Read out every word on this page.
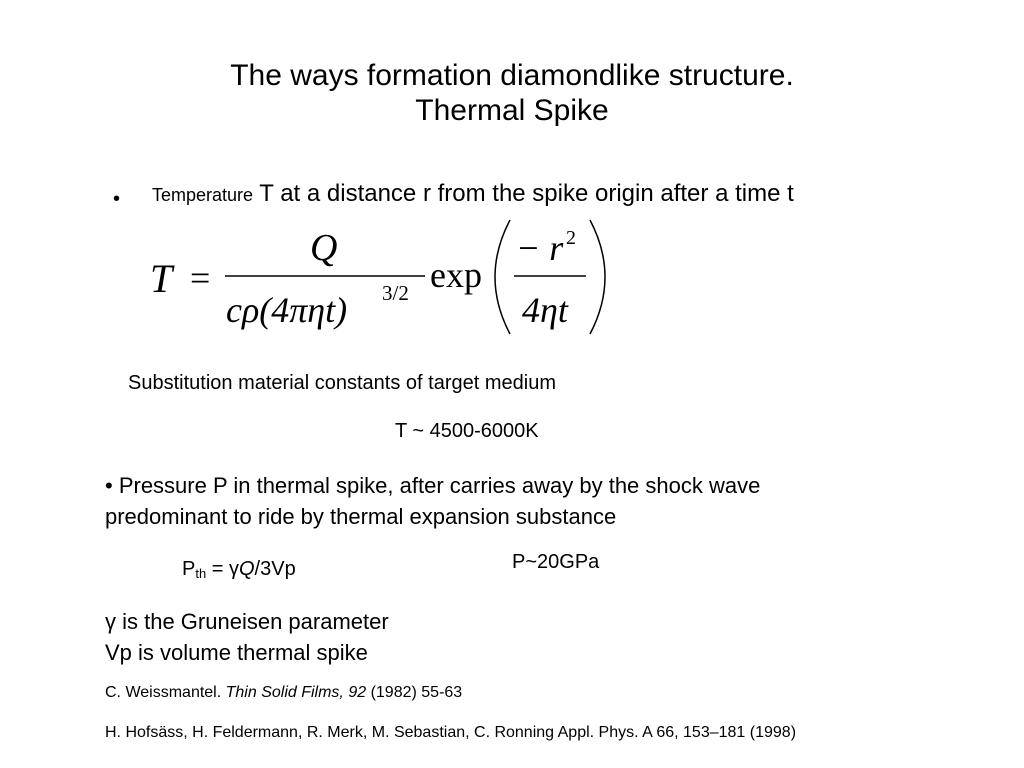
The ways formation diamondlike structure.
Thermal Spike
• Temperature T at a distance r from the spike origin after a time t
T =
Q
cρ(4πηt) 3/2 exp
− r 2
4ηt
Substitution material constants of target medium
T ~ 4500-6000K
• Pressure P in thermal spike, after carries away by the shock wave
predominant to ride by thermal expansion substance
$P_{th} = \gamma Q/3Vp$	P~20GPa
γ is the Gruneisen parameter
Vp is volume thermal spike
C. Weissmantel. Thin Solid Films, 92 (1982) 55-63
H. Hofsäss, H. Feldermann, R. Merk, M. Sebastian, C. Ronning Appl. Phys. A 66, 153–181 (1998)
